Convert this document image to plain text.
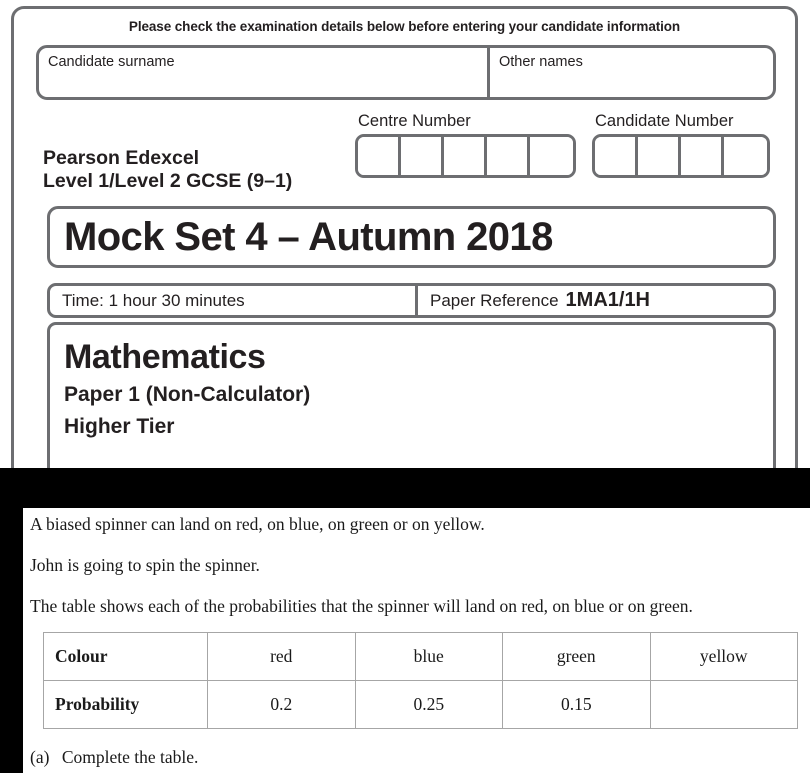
Please check the examination details below before entering your candidate information
Candidate surname	Other names
Centre Number	Candidate Number
Pearson Edexcel
Level 1/Level 2 GCSE (9–1)
Mock Set 4 – Autumn 2018
Time: 1 hour 30 minutes	Paper Reference 1MA1/1H
Mathematics
Paper 1 (Non-Calculator)
Higher Tier
A biased spinner can land on red, on blue, on green or on yellow.
John is going to spin the spinner.
The table shows each of the probabilities that the spinner will land on red, on blue or on green.
Colour	red	blue	green	yellow
Probability	0.2	0.25	0.15	
(a) Complete the table.
